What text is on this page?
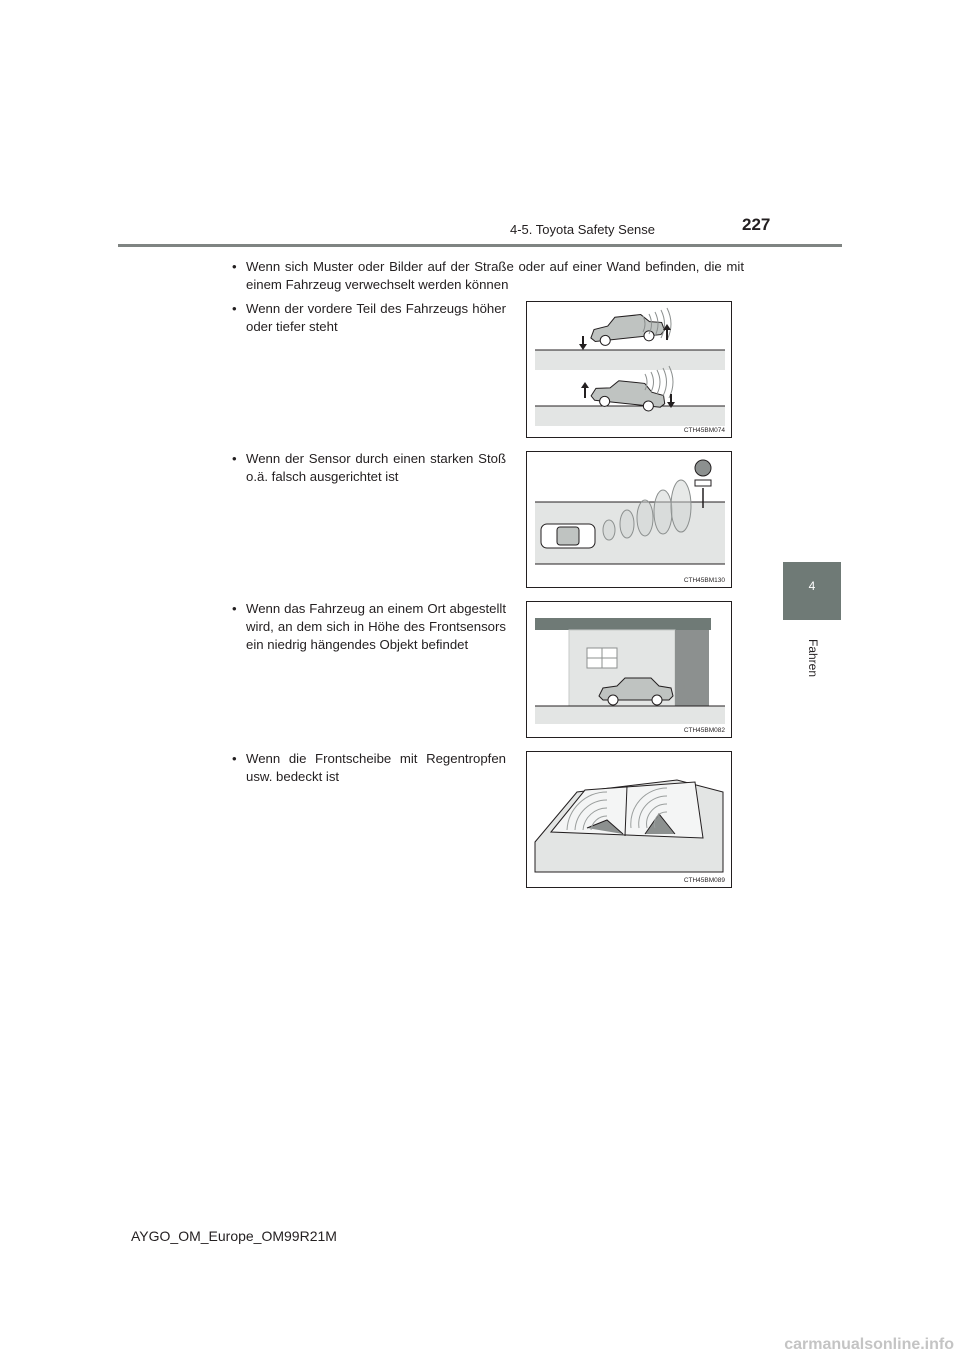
4-5. Toyota Safety Sense	227
4
Fahren
• Wenn sich Muster oder Bilder auf der Straße oder auf einer Wand befinden, die mit einem Fahrzeug verwechselt werden können
• Wenn der vordere Teil des Fahrzeugs höher oder tiefer steht
• Wenn der Sensor durch einen starken Stoß o.ä. falsch ausgerichtet ist
• Wenn das Fahrzeug an einem Ort abgestellt wird, an dem sich in Höhe des Frontsensors ein niedrig hängendes Objekt befindet
• Wenn die Frontscheibe mit Regentropfen usw. bedeckt ist
CTH45BM074
CTH45BM130
CTH45BM082
CTH45BM089
AYGO_OM_Europe_OM99R21M
carmanualsonline.info
